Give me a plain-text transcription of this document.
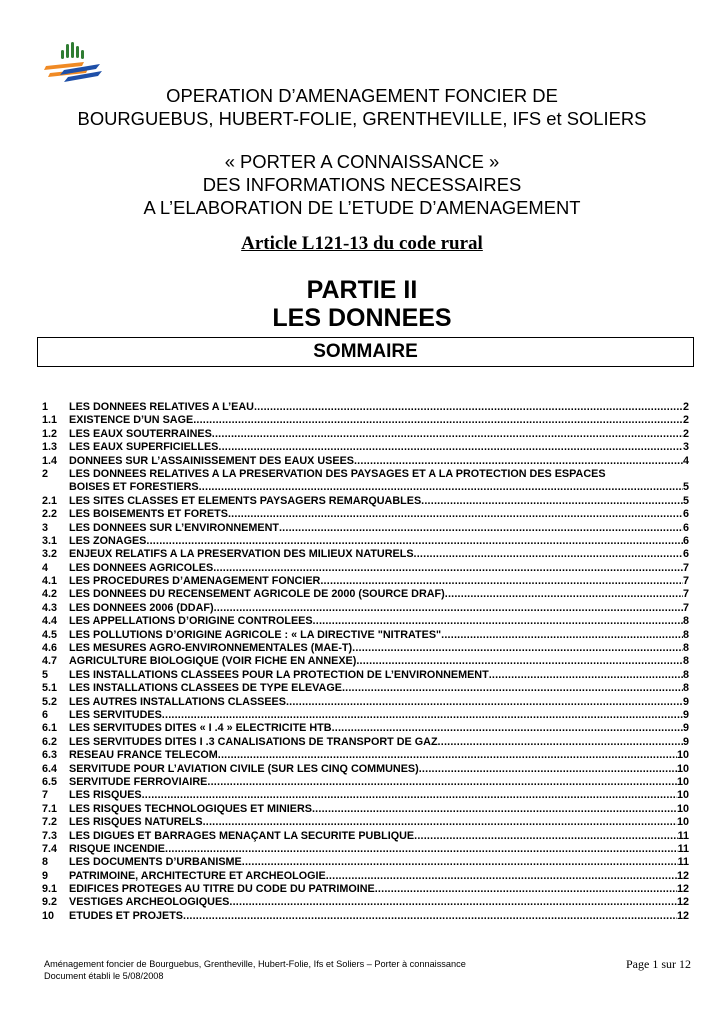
OPERATION D’AMENAGEMENT FONCIER DE
BOURGUEBUS, HUBERT-FOLIE, GRENTHEVILLE, IFS et SOLIERS
« PORTER A CONNAISSANCE »
DES INFORMATIONS NECESSAIRES
A L’ELABORATION DE L’ETUDE D’AMENAGEMENT
Article L121-13 du code rural
PARTIE II
LES DONNEES
SOMMAIRE
1	LES DONNEES RELATIVES A L’EAU .....	2
1.1	EXISTENCE D’UN SAGE .....	2
1.2	LES EAUX SOUTERRAINES .....	2
1.3	LES EAUX SUPERFICIELLES .....	3
1.4	DONNEES SUR L’ASSAINISSEMENT DES EAUX USEES .....	4
2	LES DONNEES RELATIVES A LA PRESERVATION DES PAYSAGES ET A LA PROTECTION DES ESPACES
BOISES ET FORESTIERS .....	5
2.1	LES SITES CLASSES ET ELEMENTS PAYSAGERS REMARQUABLES .....	5
2.2	LES BOISEMENTS ET FORETS .....	6
3	LES DONNEES SUR L’ENVIRONNEMENT .....	6
3.1	LES ZONAGES .....	6
3.2	ENJEUX RELATIFS A LA PRESERVATION DES MILIEUX NATURELS .....	6
4	LES DONNEES AGRICOLES .....	7
4.1	LES PROCEDURES D’AMENAGEMENT FONCIER .....	7
4.2	LES DONNEES DU RECENSEMENT AGRICOLE DE 2000 (SOURCE DRAF) .....	7
4.3	LES DONNEES 2006 (DDAF) .....	7
4.4	LES APPELLATIONS D’ORIGINE CONTROLEES .....	8
4.5	LES POLLUTIONS D’ORIGINE AGRICOLE : « LA DIRECTIVE "NITRATES" .....	8
4.6	LES MESURES AGRO-ENVIRONNEMENTALES (MAE-T) .....	8
4.7	AGRICULTURE BIOLOGIQUE (VOIR FICHE EN ANNEXE) .....	8
5	LES INSTALLATIONS CLASSEES POUR LA PROTECTION DE L’ENVIRONNEMENT .....	8
5.1	LES INSTALLATIONS CLASSEES DE TYPE ELEVAGE .....	8
5.2	LES AUTRES INSTALLATIONS CLASSEES .....	9
6	LES SERVITUDES .....	9
6.1	LES SERVITUDES DITES « I .4 » ELECTRICITE HTB .....	9
6.2	LES SERVITUDES DITES I .3 CANALISATIONS DE TRANSPORT DE GAZ .....	9
6.3	RESEAU FRANCE TELECOM .....	10
6.4	SERVITUDE POUR L’AVIATION CIVILE (SUR LES CINQ COMMUNES) .....	10
6.5	SERVITUDE FERROVIAIRE .....	10
7	LES RISQUES .....	10
7.1	LES RISQUES TECHNOLOGIQUES ET MINIERS .....	10
7.2	LES RISQUES NATURELS .....	10
7.3	LES DIGUES ET BARRAGES MENAÇANT LA SECURITE PUBLIQUE .....	11
7.4	RISQUE INCENDIE .....	11
8	LES DOCUMENTS D’URBANISME .....	11
9	PATRIMOINE, ARCHITECTURE ET ARCHEOLOGIE .....	12
9.1	EDIFICES PROTEGES AU TITRE DU CODE DU PATRIMOINE .....	12
9.2	VESTIGES ARCHEOLOGIQUES .....	12
10	ETUDES ET PROJETS .....	12
Aménagement foncier de Bourguebus, Grentheville, Hubert-Folie, Ifs et Soliers – Porter à connaissance
Document établi le 5/08/2008
Page 1 sur 12
